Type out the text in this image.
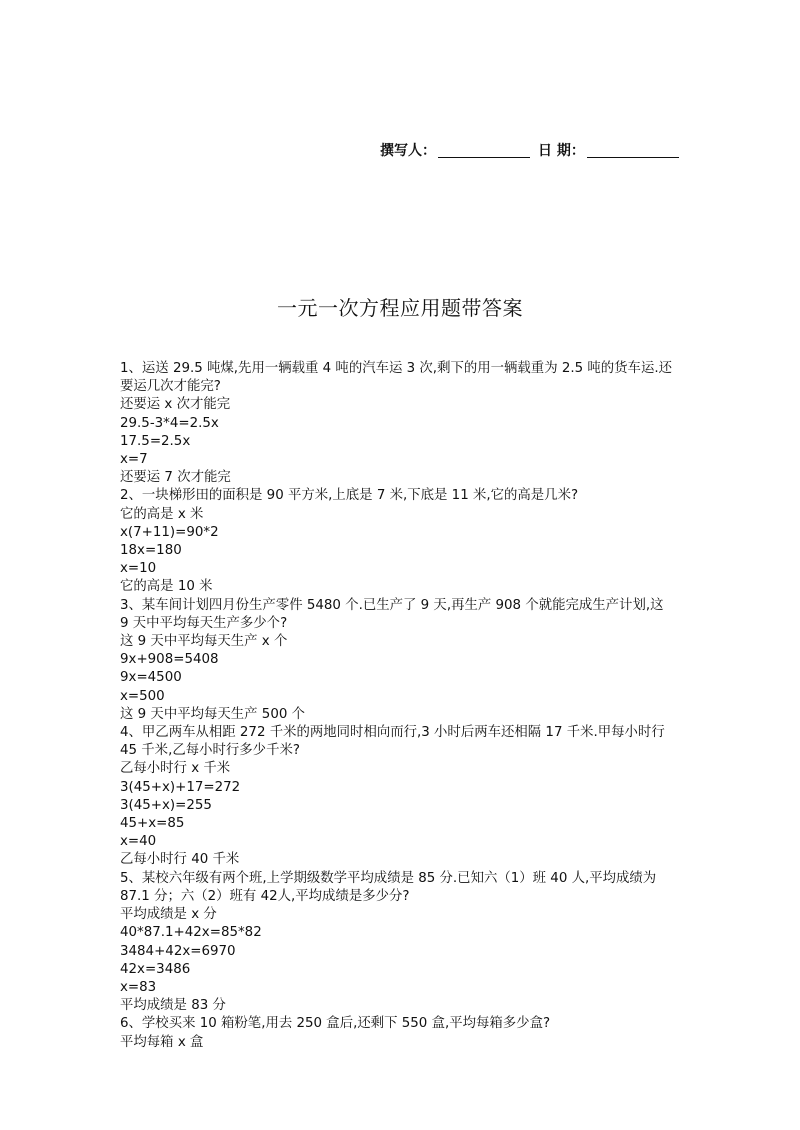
撰写人：	日 期：
一元一次方程应用题带答案
1、运送 29.5 吨煤,先用一辆载重 4 吨的汽车运 3 次,剩下的用一辆载重为 2.5 吨的货车运.还
要运几次才能完?
还要运 x 次才能完
29.5-3*4=2.5x
17.5=2.5x
x=7
还要运 7 次才能完
2、一块梯形田的面积是 90 平方米,上底是 7 米,下底是 11 米,它的高是几米?
它的高是 x 米
x(7+11)=90*2
18x=180
x=10
它的高是 10 米
3、某车间计划四月份生产零件 5480 个.已生产了 9 天,再生产 908 个就能完成生产计划,这
9 天中平均每天生产多少个?
这 9 天中平均每天生产 x 个
9x+908=5408
9x=4500
x=500
这 9 天中平均每天生产 500 个
4、甲乙两车从相距 272 千米的两地同时相向而行,3 小时后两车还相隔 17 千米.甲每小时行
45 千米,乙每小时行多少千米?
乙每小时行 x 千米
3(45+x)+17=272
3(45+x)=255
45+x=85
x=40
乙每小时行 40 千米
5、某校六年级有两个班,上学期级数学平均成绩是 85 分.已知六（1）班 40 人,平均成绩为
87.1 分；六（2）班有 42人,平均成绩是多少分?
平均成绩是 x 分
40*87.1+42x=85*82
3484+42x=6970
42x=3486
x=83
平均成绩是 83 分
6、学校买来 10 箱粉笔,用去 250 盒后,还剩下 550 盒,平均每箱多少盒?
平均每箱 x 盒
